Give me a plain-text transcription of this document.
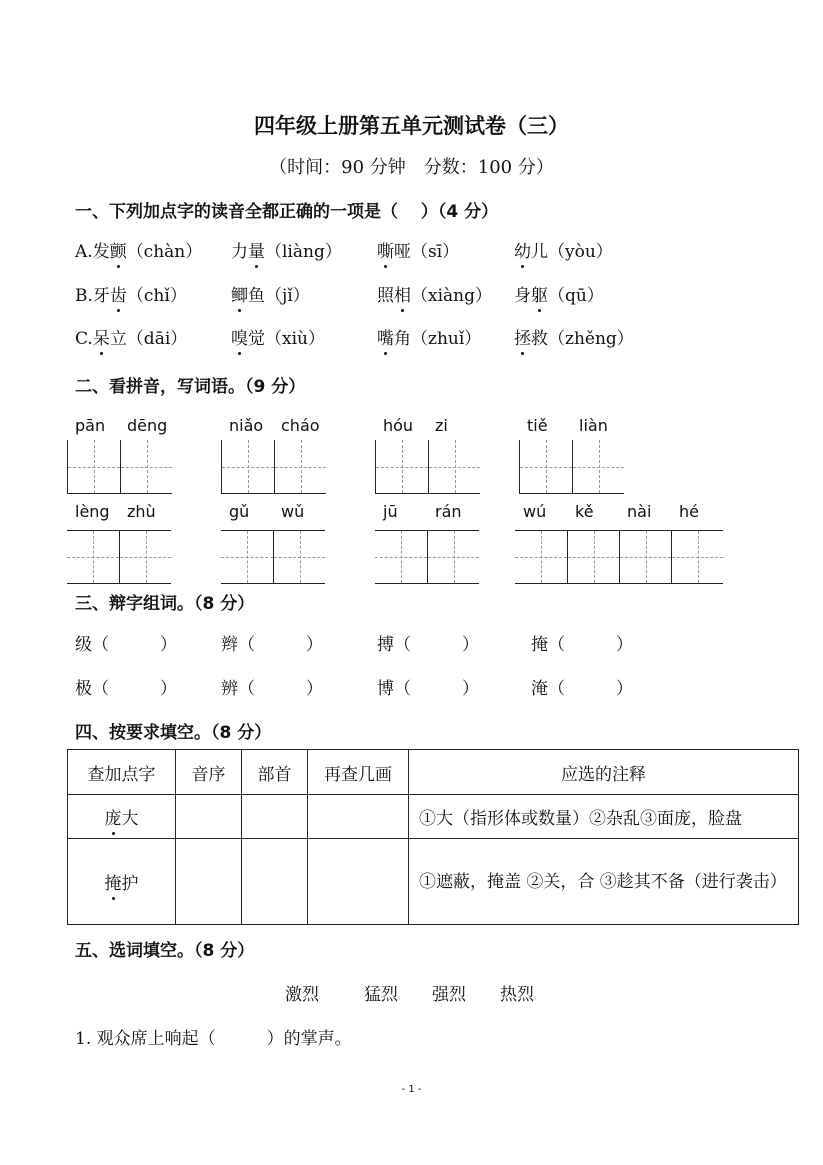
四年级上册第五单元测试卷（三）
（时间：90 分钟　分数：100 分）
一、下列加点字的读音全都正确的一项是（　 ）（4 分）
A.发颤（chàn） 力量（liàng） 嘶哑（sī）	幼儿（yòu）
B.牙齿（chǐ）	鲫鱼（jǐ）	照相（xiàng） 身躯（qū）
C.呆立（dāi）	嗅觉（xiù）	嘴角（zhuǐ） 拯救（zhěng）
二、看拼音，写词语。（9 分）
pān dēng	niǎo cháo	hóu zi	tiě liàn
lèng zhù	gǔ wǔ	jū rán	wú kě nài hé
三、辩字组词。（8 分）
级（　　　）	辫（　　　）	搏（　　　）	掩（　　　）
极（　　　）	辨（　　　）	博（　　　）	淹（　　　）
四、按要求填空。（8 分）
查加点字	音序	部首	再查几画	应选的注释
庞大				①大（指形体或数量）②杂乱③面庞，脸盘
掩护				①遮蔽，掩盖 ②关，合 ③趁其不备（进行袭击）
五、选词填空。（8 分）
激烈	猛烈 强烈 热烈
1. 观众席上响起（　　　）的掌声。
- 1 -
